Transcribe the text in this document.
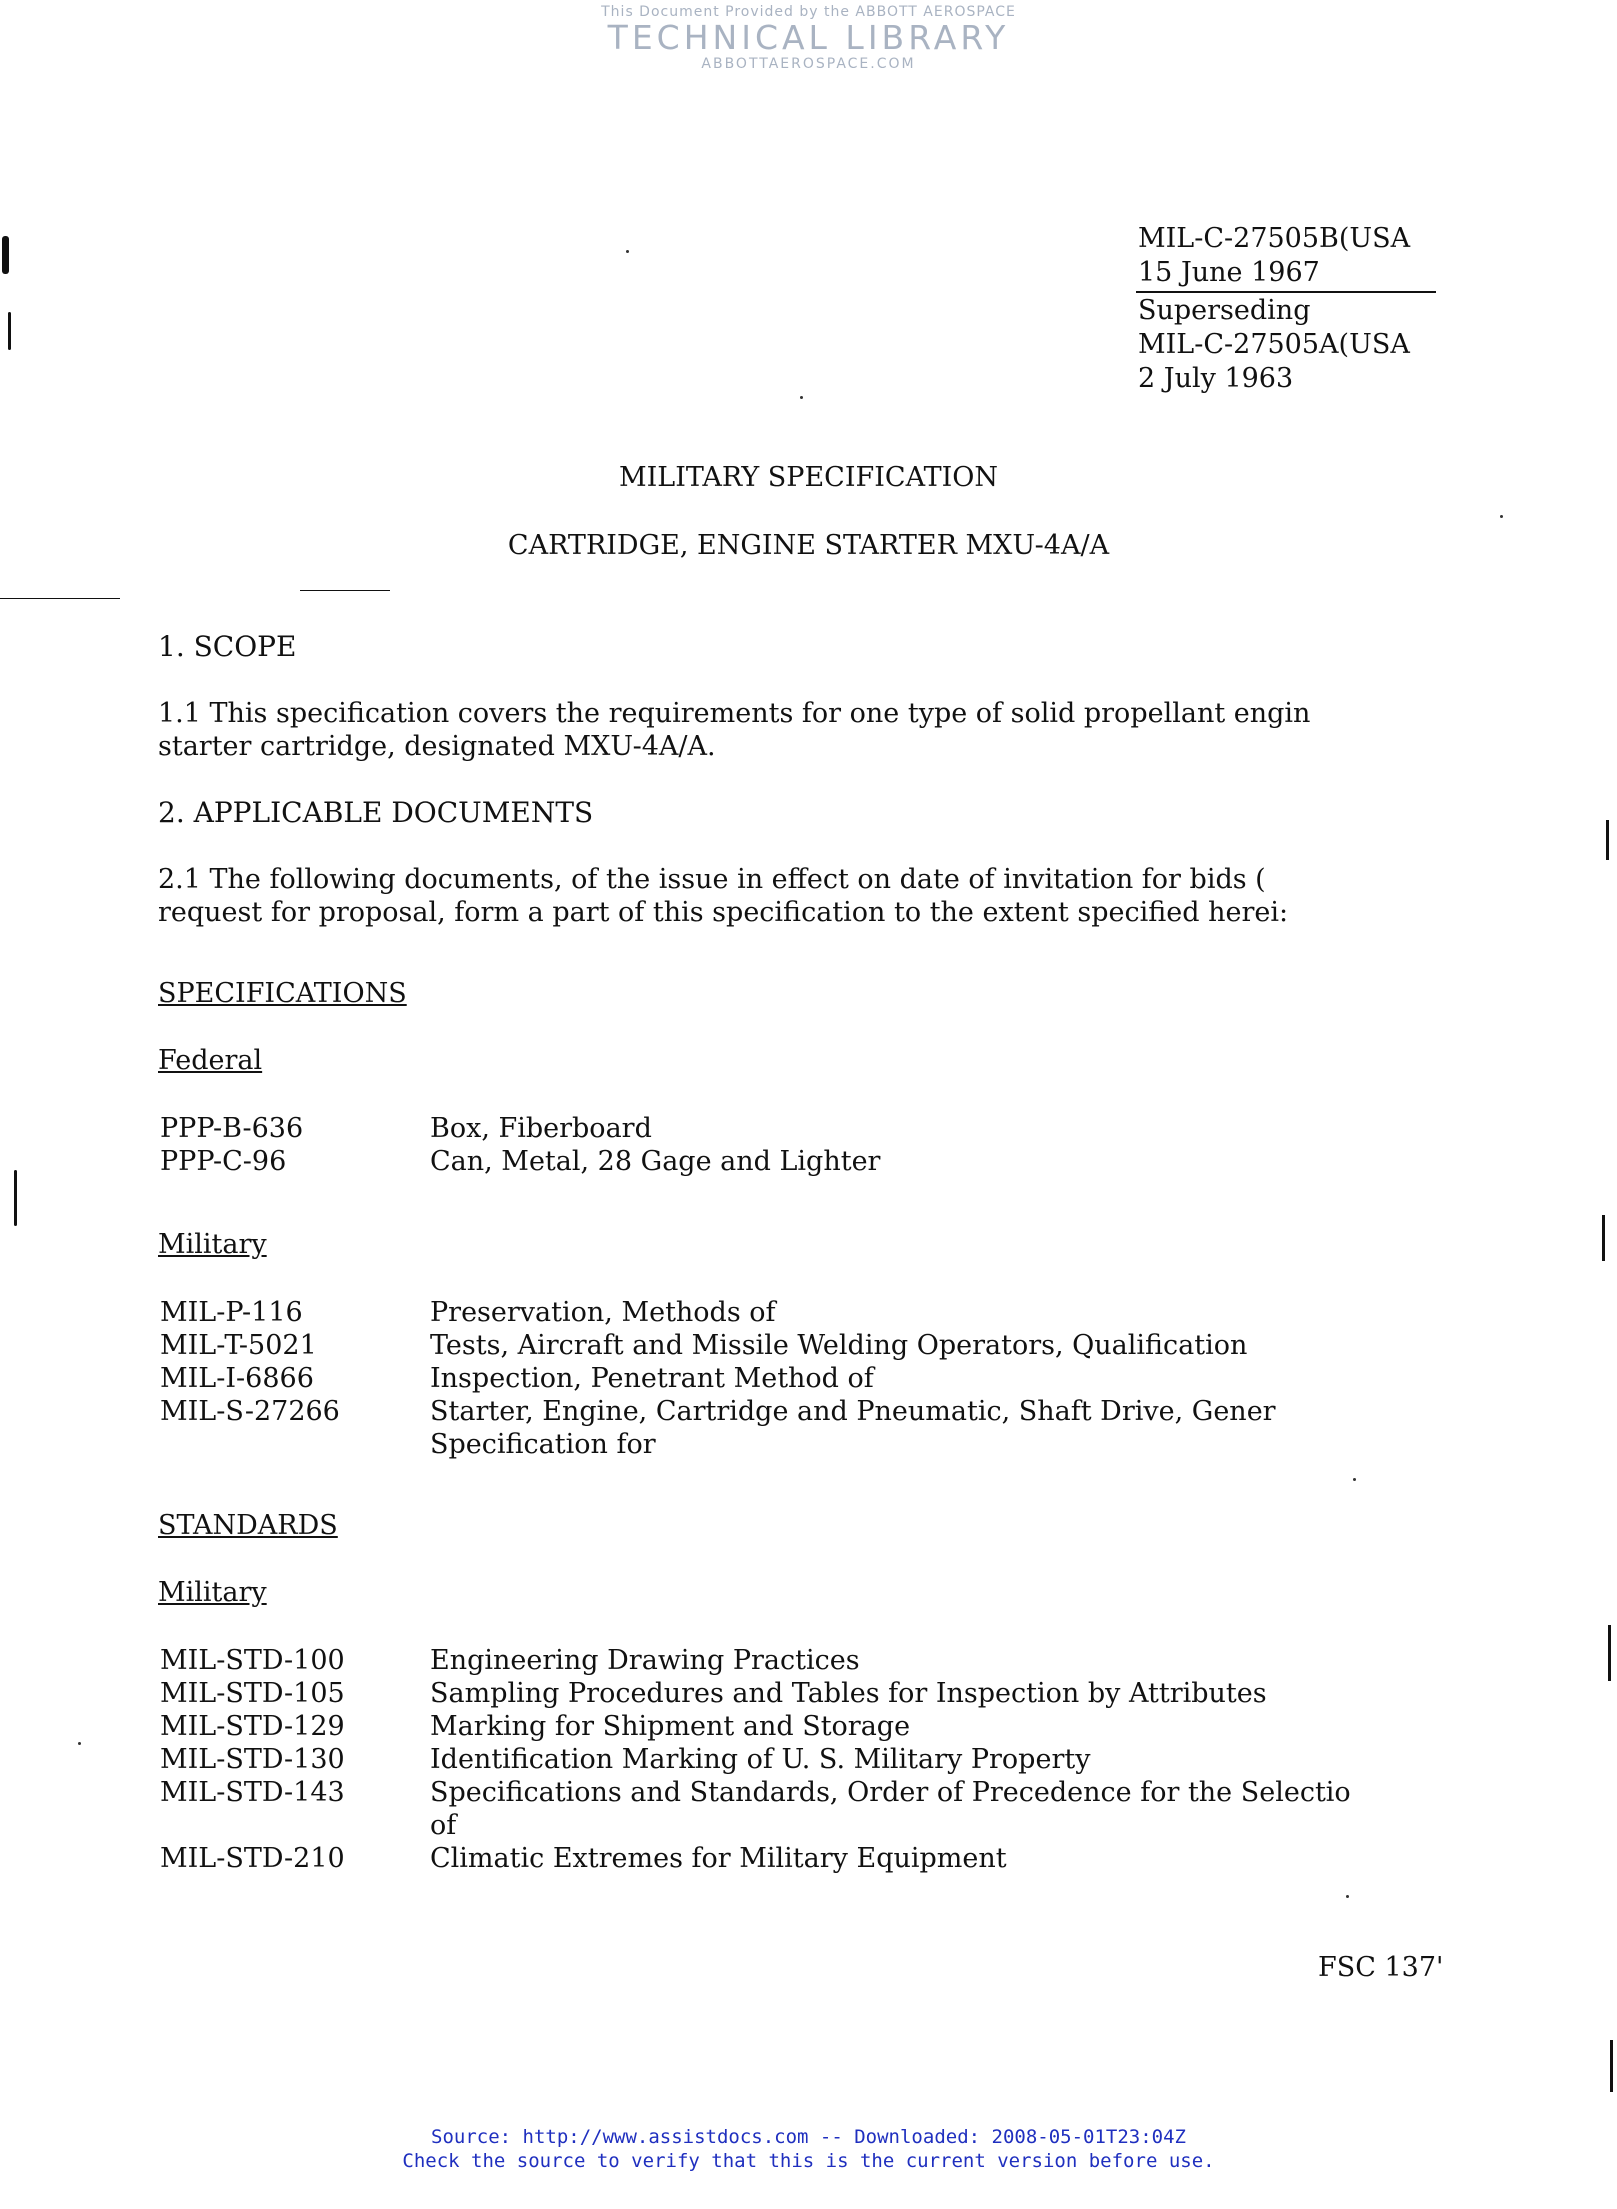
This Document Provided by the ABBOTT AEROSPACE
TECHNICAL LIBRARY
ABBOTTAEROSPACE.COM
MIL-C-27505B(USA
15 June 1967
Superseding
MIL-C-27505A(USA
2 July 1963
MILITARY SPECIFICATION
CARTRIDGE, ENGINE STARTER MXU-4A/A
1. SCOPE
1.1 This specification covers the requirements for one type of solid propellant engin
starter cartridge, designated MXU-4A/A.
2. APPLICABLE DOCUMENTS
2.1 The following documents, of the issue in effect on date of invitation for bids (
request for proposal, form a part of this specification to the extent specified herei:
SPECIFICATIONS
Federal
PPP-B-636	Box, Fiberboard
PPP-C-96	Can, Metal, 28 Gage and Lighter
Military
MIL-P-116	Preservation, Methods of
MIL-T-5021	Tests, Aircraft and Missile Welding Operators, Qualification
MIL-I-6866	Inspection, Penetrant Method of
MIL-S-27266	Starter, Engine, Cartridge and Pneumatic, Shaft Drive, Gener
Specification for
STANDARDS
Military
MIL-STD-100	Engineering Drawing Practices
MIL-STD-105	Sampling Procedures and Tables for Inspection by Attributes
MIL-STD-129	Marking for Shipment and Storage
MIL-STD-130	Identification Marking of U. S. Military Property
MIL-STD-143	Specifications and Standards, Order of Precedence for the Selectio
of
MIL-STD-210	Climatic Extremes for Military Equipment
FSC 137'
Source: http://www.assistdocs.com -- Downloaded: 2008-05-01T23:04Z
Check the source to verify that this is the current version before use.
